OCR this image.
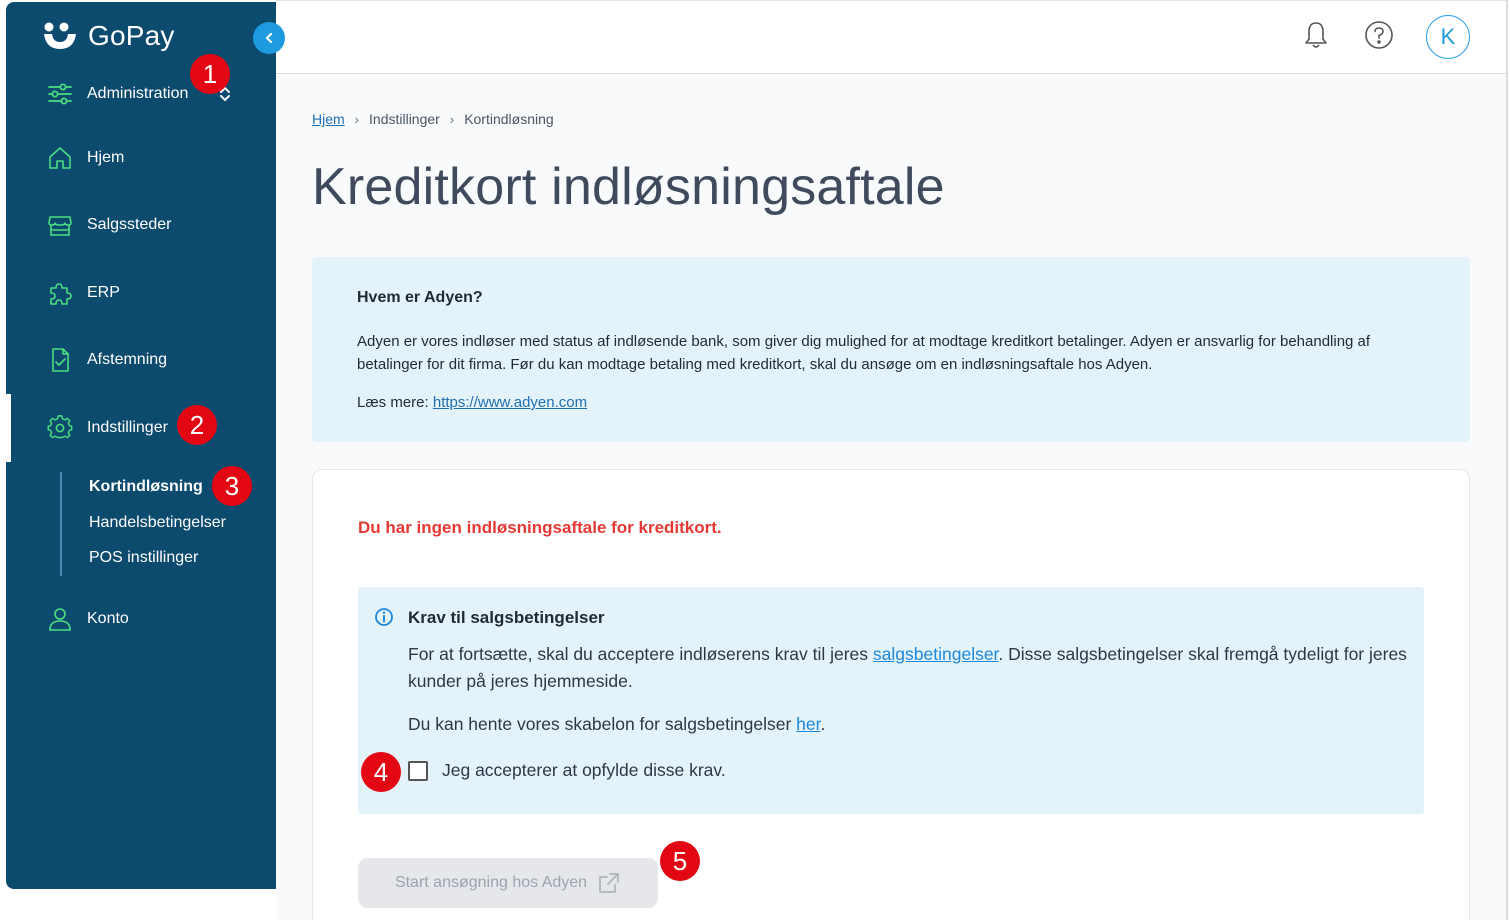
GoPay
Administration
Hjem
Salgssteder
ERP
Afstemning
Indstillinger
Kortindløsning
Handelsbetingelser
POS instillinger
Konto
K
Hjem › Indstillinger › Kortindløsning
Kreditkort indløsningsaftale
Hvem er Adyen?
Adyen er vores indløser med status af indløsende bank, som giver dig mulighed for at modtage kreditkort betalinger. Adyen er ansvarlig for behandling af betalinger for dit firma. Før du kan modtage betaling med kreditkort, skal du ansøge om en indløsningsaftale hos Adyen.
Læs mere: https://www.adyen.com
Du har ingen indløsningsaftale for kreditkort.
Krav til salgsbetingelser
For at fortsætte, skal du acceptere indløserens krav til jeres salgsbetingelser. Disse salgsbetingelser skal fremgå tydeligt for jeres kunder på jeres hjemmeside.
Du kan hente vores skabelon for salgsbetingelser her.
Jeg accepterer at opfylde disse krav.
Start ansøgning hos Adyen
1
2
3
4
5
